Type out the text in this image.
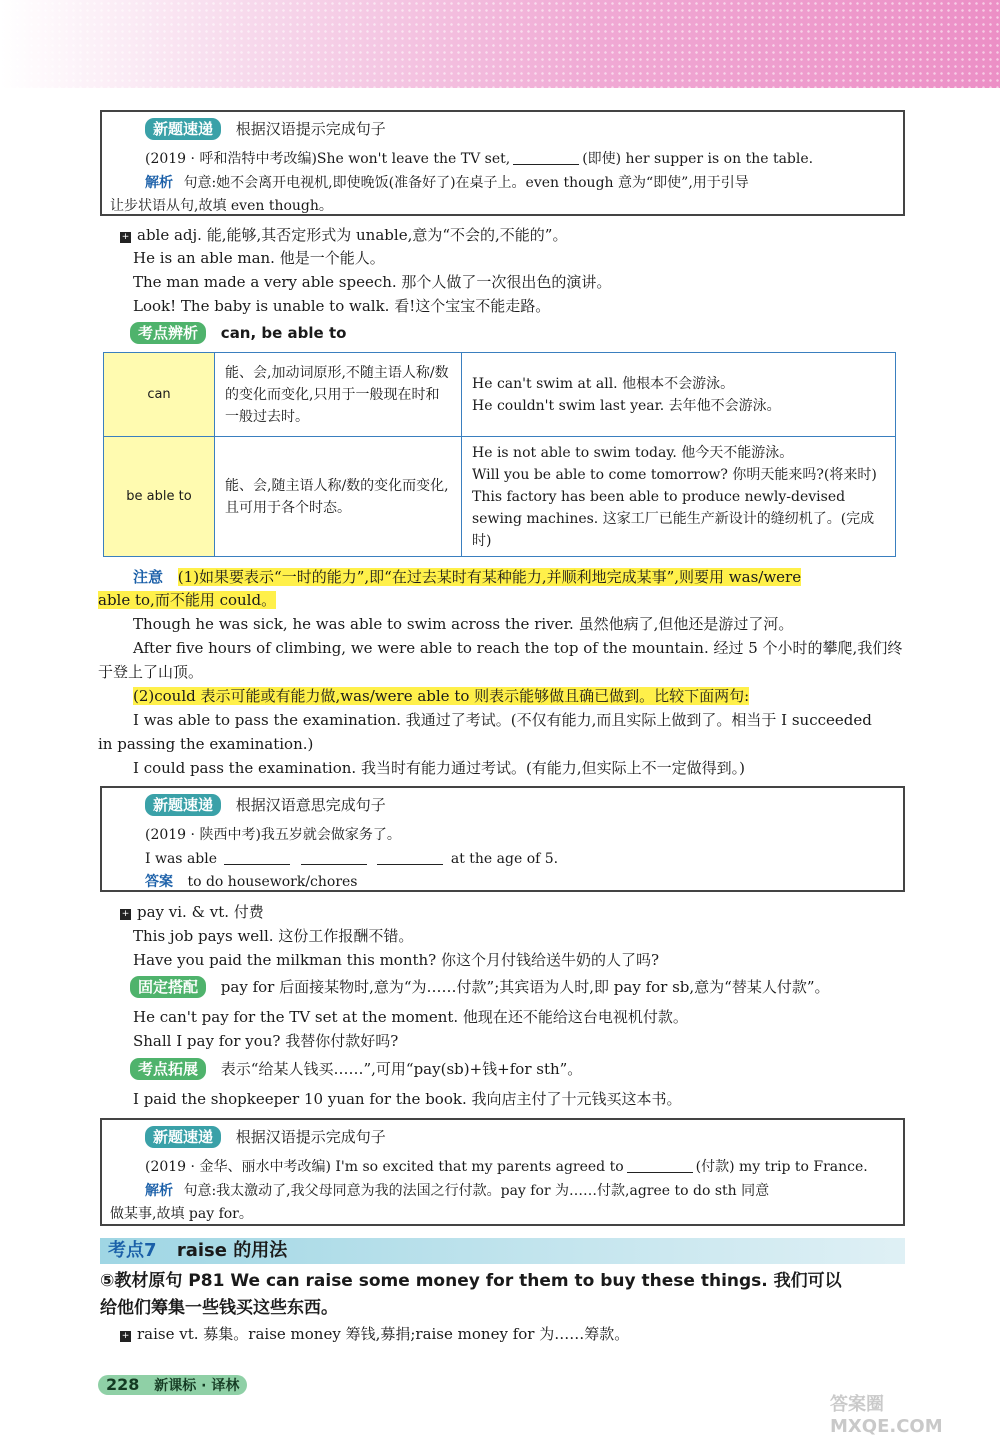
新题速递 根据汉语提示完成句子
(2019 · 呼和浩特中考改编)She won't leave the TV set,	(即使) her supper is on the table.
解析 句意:她不会离开电视机,即使晚饭(准备好了)在桌子上。even though 意为“即使”,用于引导
让步状语从句,故填 even though。
+ able adj. 能,能够,其否定形式为 unable,意为“不会的,不能的”。
He is an able man. 他是一个能人。
The man made a very able speech. 那个人做了一次很出色的演讲。
Look! The baby is unable to walk. 看!这个宝宝不能走路。
考点辨析 can, be able to
can	能、会,加动词原形,不随主语人称/数的变化而变化,只用于一般现在时和一般过去时。	He can't swim at all. 他根本不会游泳。
He couldn't swim last year. 去年他不会游泳。

be able to	能、会,随主语人称/数的变化而变化,且可用于各个时态。	He is not able to swim today. 他今天不能游泳。
Will you be able to come tomorrow? 你明天能来吗?(将来时)
This factory has been able to produce newly-devised sewing machines. 这家工厂已能生产新设计的缝纫机了。(完成时)
注意 (1)如果要表示“一时的能力”,即“在过去某时有某种能力,并顺利地完成某事”,则要用 was/were
able to,而不能用 could。
Though he was sick, he was able to swim across the river. 虽然他病了,但他还是游过了河。
After five hours of climbing, we were able to reach the top of the mountain. 经过 5 个小时的攀爬,我们终
于登上了山顶。
(2)could 表示可能或有能力做,was/were able to 则表示能够做且确已做到。比较下面两句:
I was able to pass the examination. 我通过了考试。(不仅有能力,而且实际上做到了。相当于 I succeeded
in passing the examination.)
I could pass the examination. 我当时有能力通过考试。(有能力,但实际上不一定做得到。)
新题速递 根据汉语意思完成句子
(2019 · 陕西中考)我五岁就会做家务了。
I was able	at the age of 5.
答案 to do housework/chores
+ pay vi. & vt. 付费
This job pays well. 这份工作报酬不错。
Have you paid the milkman this month? 你这个月付钱给送牛奶的人了吗?
固定搭配 pay for 后面接某物时,意为“为……付款”;其宾语为人时,即 pay for sb,意为“替某人付款”。
He can't pay for the TV set at the moment. 他现在还不能给这台电视机付款。
Shall I pay for you? 我替你付款好吗?
考点拓展 表示“给某人钱买……”,可用“pay(sb)+钱+for sth”。
I paid the shopkeeper 10 yuan for the book. 我向店主付了十元钱买这本书。
新题速递 根据汉语提示完成句子
(2019 · 金华、丽水中考改编) I'm so excited that my parents agreed to	(付款) my trip to France.
解析 句意:我太激动了,我父母同意为我的法国之行付款。pay for 为……付款,agree to do sth 同意
做某事,故填 pay for。
考点7 raise 的用法
⑤教材原句 P81 We can raise some money for them to buy these things. 我们可以
给他们筹集一些钱买这些东西。
+ raise vt. 募集。raise money 筹钱,募捐;raise money for 为……筹款。
228 新课标 · 译林
答案圈 MXQE.COM
